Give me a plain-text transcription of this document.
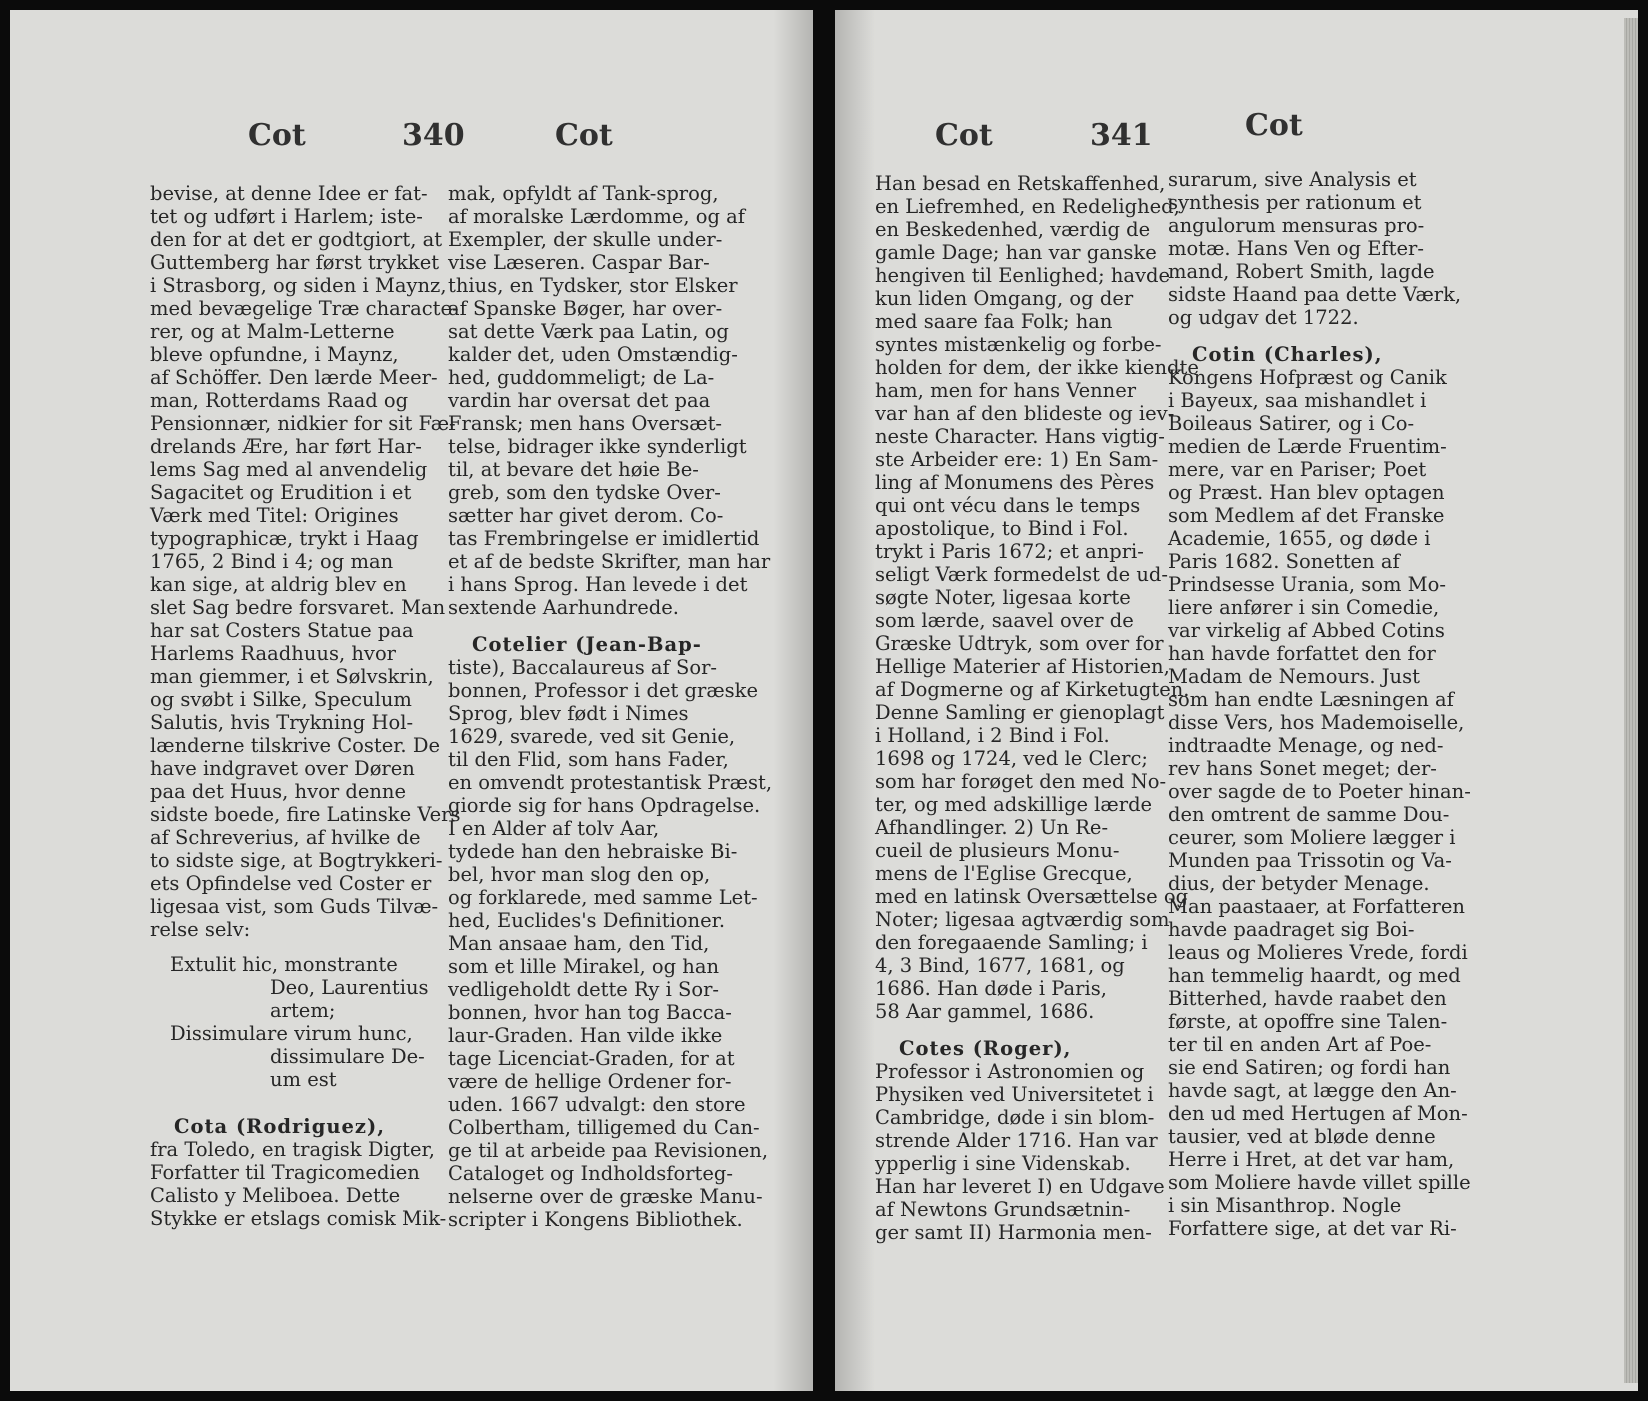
Cot	340	Cot
bevise, at denne Idee er fat-
tet og udført i Harlem; iste-
den for at det er godtgiort, at
Guttemberg har først trykket
i Strasborg, og siden i Maynz,
med bevægelige Træ characte-
rer, og at Malm-Letterne
bleve opfundne, i Maynz,
af Schöffer. Den lærde Meer-
man, Rotterdams Raad og
Pensionnær, nidkier for sit Fæ-
drelands Ære, har ført Har-
lems Sag med al anvendelig
Sagacitet og Erudition i et
Værk med Titel: Origines
typographicæ, trykt i Haag
1765, 2 Bind i 4; og man
kan sige, at aldrig blev en
slet Sag bedre forsvaret. Man
har sat Costers Statue paa
Harlems Raadhuus, hvor
man giemmer, i et Sølvskrin,
og svøbt i Silke, Speculum
Salutis, hvis Trykning Hol-
lænderne tilskrive Coster. De
have indgravet over Døren
paa det Huus, hvor denne
sidste boede, fire Latinske Vers
af Schreverius, af hvilke de
to sidste sige, at Bogtrykkeri-
ets Opfindelse ved Coster er
ligesaa vist, som Guds Tilvæ-
relse selv:
Extulit hic, monstrante
Deo, Laurentius
artem;
Dissimulare virum hunc,
dissimulare De-
um est
Cota (Rodriguez),
fra Toledo, en tragisk Digter,
Forfatter til Tragicomedien
Calisto y Meliboea. Dette
Stykke er etslags comisk Mik-
mak, opfyldt af Tank-sprog,
af moralske Lærdomme, og af
Exempler, der skulle under-
vise Læseren. Caspar Bar-
thius, en Tydsker, stor Elsker
af Spanske Bøger, har over-
sat dette Værk paa Latin, og
kalder det, uden Omstændig-
hed, guddommeligt; de La-
vardin har oversat det paa
Fransk; men hans Oversæt-
telse, bidrager ikke synderligt
til, at bevare det høie Be-
greb, som den tydske Over-
sætter har givet derom. Co-
tas Frembringelse er imidlertid
et af de bedste Skrifter, man har
i hans Sprog. Han levede i det
sextende Aarhundrede.
Cotelier (Jean-Bap-
tiste), Baccalaureus af Sor-
bonnen, Professor i det græske
Sprog, blev født i Nimes
1629, svarede, ved sit Genie,
til den Flid, som hans Fader,
en omvendt protestantisk Præst,
giorde sig for hans Opdragelse.
I en Alder af tolv Aar,
tydede han den hebraiske Bi-
bel, hvor man slog den op,
og forklarede, med samme Let-
hed, Euclides's Definitioner.
Man ansaae ham, den Tid,
som et lille Mirakel, og han
vedligeholdt dette Ry i Sor-
bonnen, hvor han tog Bacca-
laur-Graden. Han vilde ikke
tage Licenciat-Graden, for at
være de hellige Ordener for-
uden. 1667 udvalgt: den store
Colbertham, tilligemed du Can-
ge til at arbeide paa Revisionen,
Cataloget og Indholdsforteg-
nelserne over de græske Manu-
scripter i Kongens Bibliothek.
Cot	341	Cot
Han besad en Retskaffenhed,
en Liefremhed, en Redelighed,
en Beskedenhed, værdig de
gamle Dage; han var ganske
hengiven til Eenlighed; havde
kun liden Omgang, og der
med saare faa Folk; han
syntes mistænkelig og forbe-
holden for dem, der ikke kiendte
ham, men for hans Venner
var han af den blideste og iev-
neste Character. Hans vigtig-
ste Arbeider ere: 1) En Sam-
ling af Monumens des Pères
qui ont vécu dans le temps
apostolique, to Bind i Fol.
trykt i Paris 1672; et anpri-
seligt Værk formedelst de ud-
søgte Noter, ligesaa korte
som lærde, saavel over de
Græske Udtryk, som over for
Hellige Materier af Historien,
af Dogmerne og af Kirketugten.
Denne Samling er gienoplagt
i Holland, i 2 Bind i Fol.
1698 og 1724, ved le Clerc;
som har forøget den med No-
ter, og med adskillige lærde
Afhandlinger. 2) Un Re-
cueil de plusieurs Monu-
mens de l'Eglise Grecque,
med en latinsk Oversættelse og
Noter; ligesaa agtværdig som
den foregaaende Samling; i
4, 3 Bind, 1677, 1681, og
1686. Han døde i Paris,
58 Aar gammel, 1686.
Cotes (Roger),
Professor i Astronomien og
Physiken ved Universitetet i
Cambridge, døde i sin blom-
strende Alder 1716. Han var
ypperlig i sine Videnskab.
Han har leveret I) en Udgave
af Newtons Grundsætnin-
ger samt II) Harmonia men-
surarum, sive Analysis et
synthesis per rationum et
angulorum mensuras pro-
motæ. Hans Ven og Efter-
mand, Robert Smith, lagde
sidste Haand paa dette Værk,
og udgav det 1722.
Cotin (Charles),
Kongens Hofpræst og Canik
i Bayeux, saa mishandlet i
Boileaus Satirer, og i Co-
medien de Lærde Fruentim-
mere, var en Pariser; Poet
og Præst. Han blev optagen
som Medlem af det Franske
Academie, 1655, og døde i
Paris 1682. Sonetten af
Prindsesse Urania, som Mo-
liere anfører i sin Comedie,
var virkelig af Abbed Cotins
han havde forfattet den for
Madam de Nemours. Just
som han endte Læsningen af
disse Vers, hos Mademoiselle,
indtraadte Menage, og ned-
rev hans Sonet meget; der-
over sagde de to Poeter hinan-
den omtrent de samme Dou-
ceurer, som Moliere lægger i
Munden paa Trissotin og Va-
dius, der betyder Menage.
Man paastaaer, at Forfatteren
havde paadraget sig Boi-
leaus og Molieres Vrede, fordi
han temmelig haardt, og med
Bitterhed, havde raabet den
første, at opoffre sine Talen-
ter til en anden Art af Poe-
sie end Satiren; og fordi han
havde sagt, at lægge den An-
den ud med Hertugen af Mon-
tausier, ved at bløde denne
Herre i Hret, at det var ham,
som Moliere havde villet spille
i sin Misanthrop. Nogle
Forfattere sige, at det var Ri-
